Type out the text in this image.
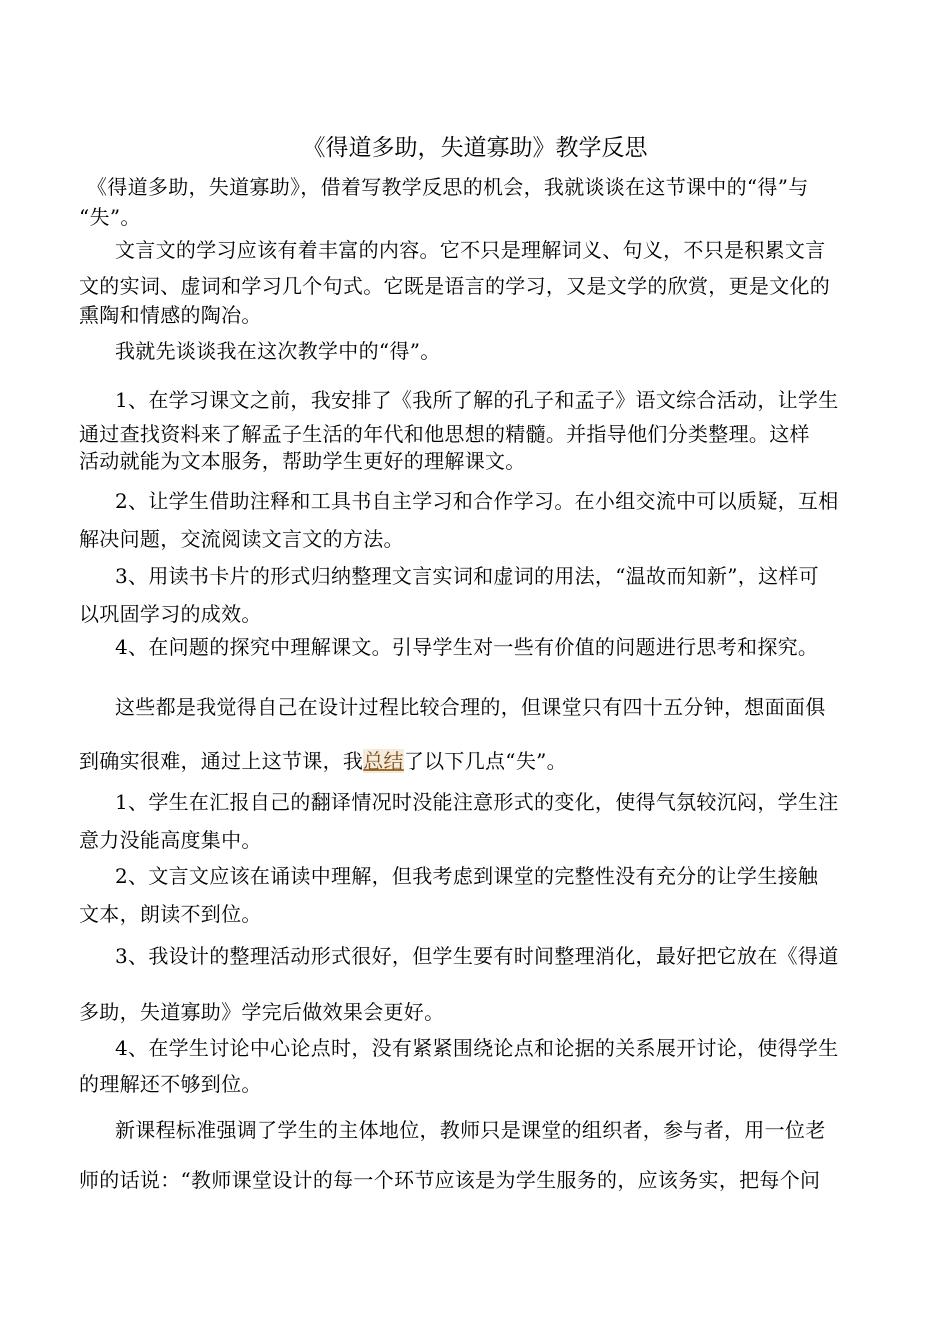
《得道多助，失道寡助》教学反思
《得道多助，失道寡助》，借着写教学反思的机会，我就谈谈在这节课中的“得”与
“失”。
文言文的学习应该有着丰富的内容。它不只是理解词义、句义，不只是积累文言
文的实词、虚词和学习几个句式。它既是语言的学习，又是文学的欣赏，更是文化的
熏陶和情感的陶冶。
我就先谈谈我在这次教学中的“得”。
1、在学习课文之前，我安排了《我所了解的孔子和孟子》语文综合活动，让学生
通过查找资料来了解孟子生活的年代和他思想的精髓。并指导他们分类整理。这样
活动就能为文本服务，帮助学生更好的理解课文。
2、让学生借助注释和工具书自主学习和合作学习。在小组交流中可以质疑，互相
解决问题，交流阅读文言文的方法。
3、用读书卡片的形式归纳整理文言实词和虚词的用法，“温故而知新”，这样可
以巩固学习的成效。
4、在问题的探究中理解课文。引导学生对一些有价值的问题进行思考和探究。
这些都是我觉得自己在设计过程比较合理的，但课堂只有四十五分钟，想面面俱
到确实很难，通过上这节课，我总结了以下几点“失”。
1、学生在汇报自己的翻译情况时没能注意形式的变化，使得气氛较沉闷，学生注
意力没能高度集中。
2、文言文应该在诵读中理解，但我考虑到课堂的完整性没有充分的让学生接触
文本，朗读不到位。
3、我设计的整理活动形式很好，但学生要有时间整理消化，最好把它放在《得道
多助，失道寡助》学完后做效果会更好。
4、在学生讨论中心论点时，没有紧紧围绕论点和论据的关系展开讨论，使得学生
的理解还不够到位。
新课程标准强调了学生的主体地位，教师只是课堂的组织者，参与者，用一位老
师的话说：“教师课堂设计的每一个环节应该是为学生服务的，应该务实，把每个问
